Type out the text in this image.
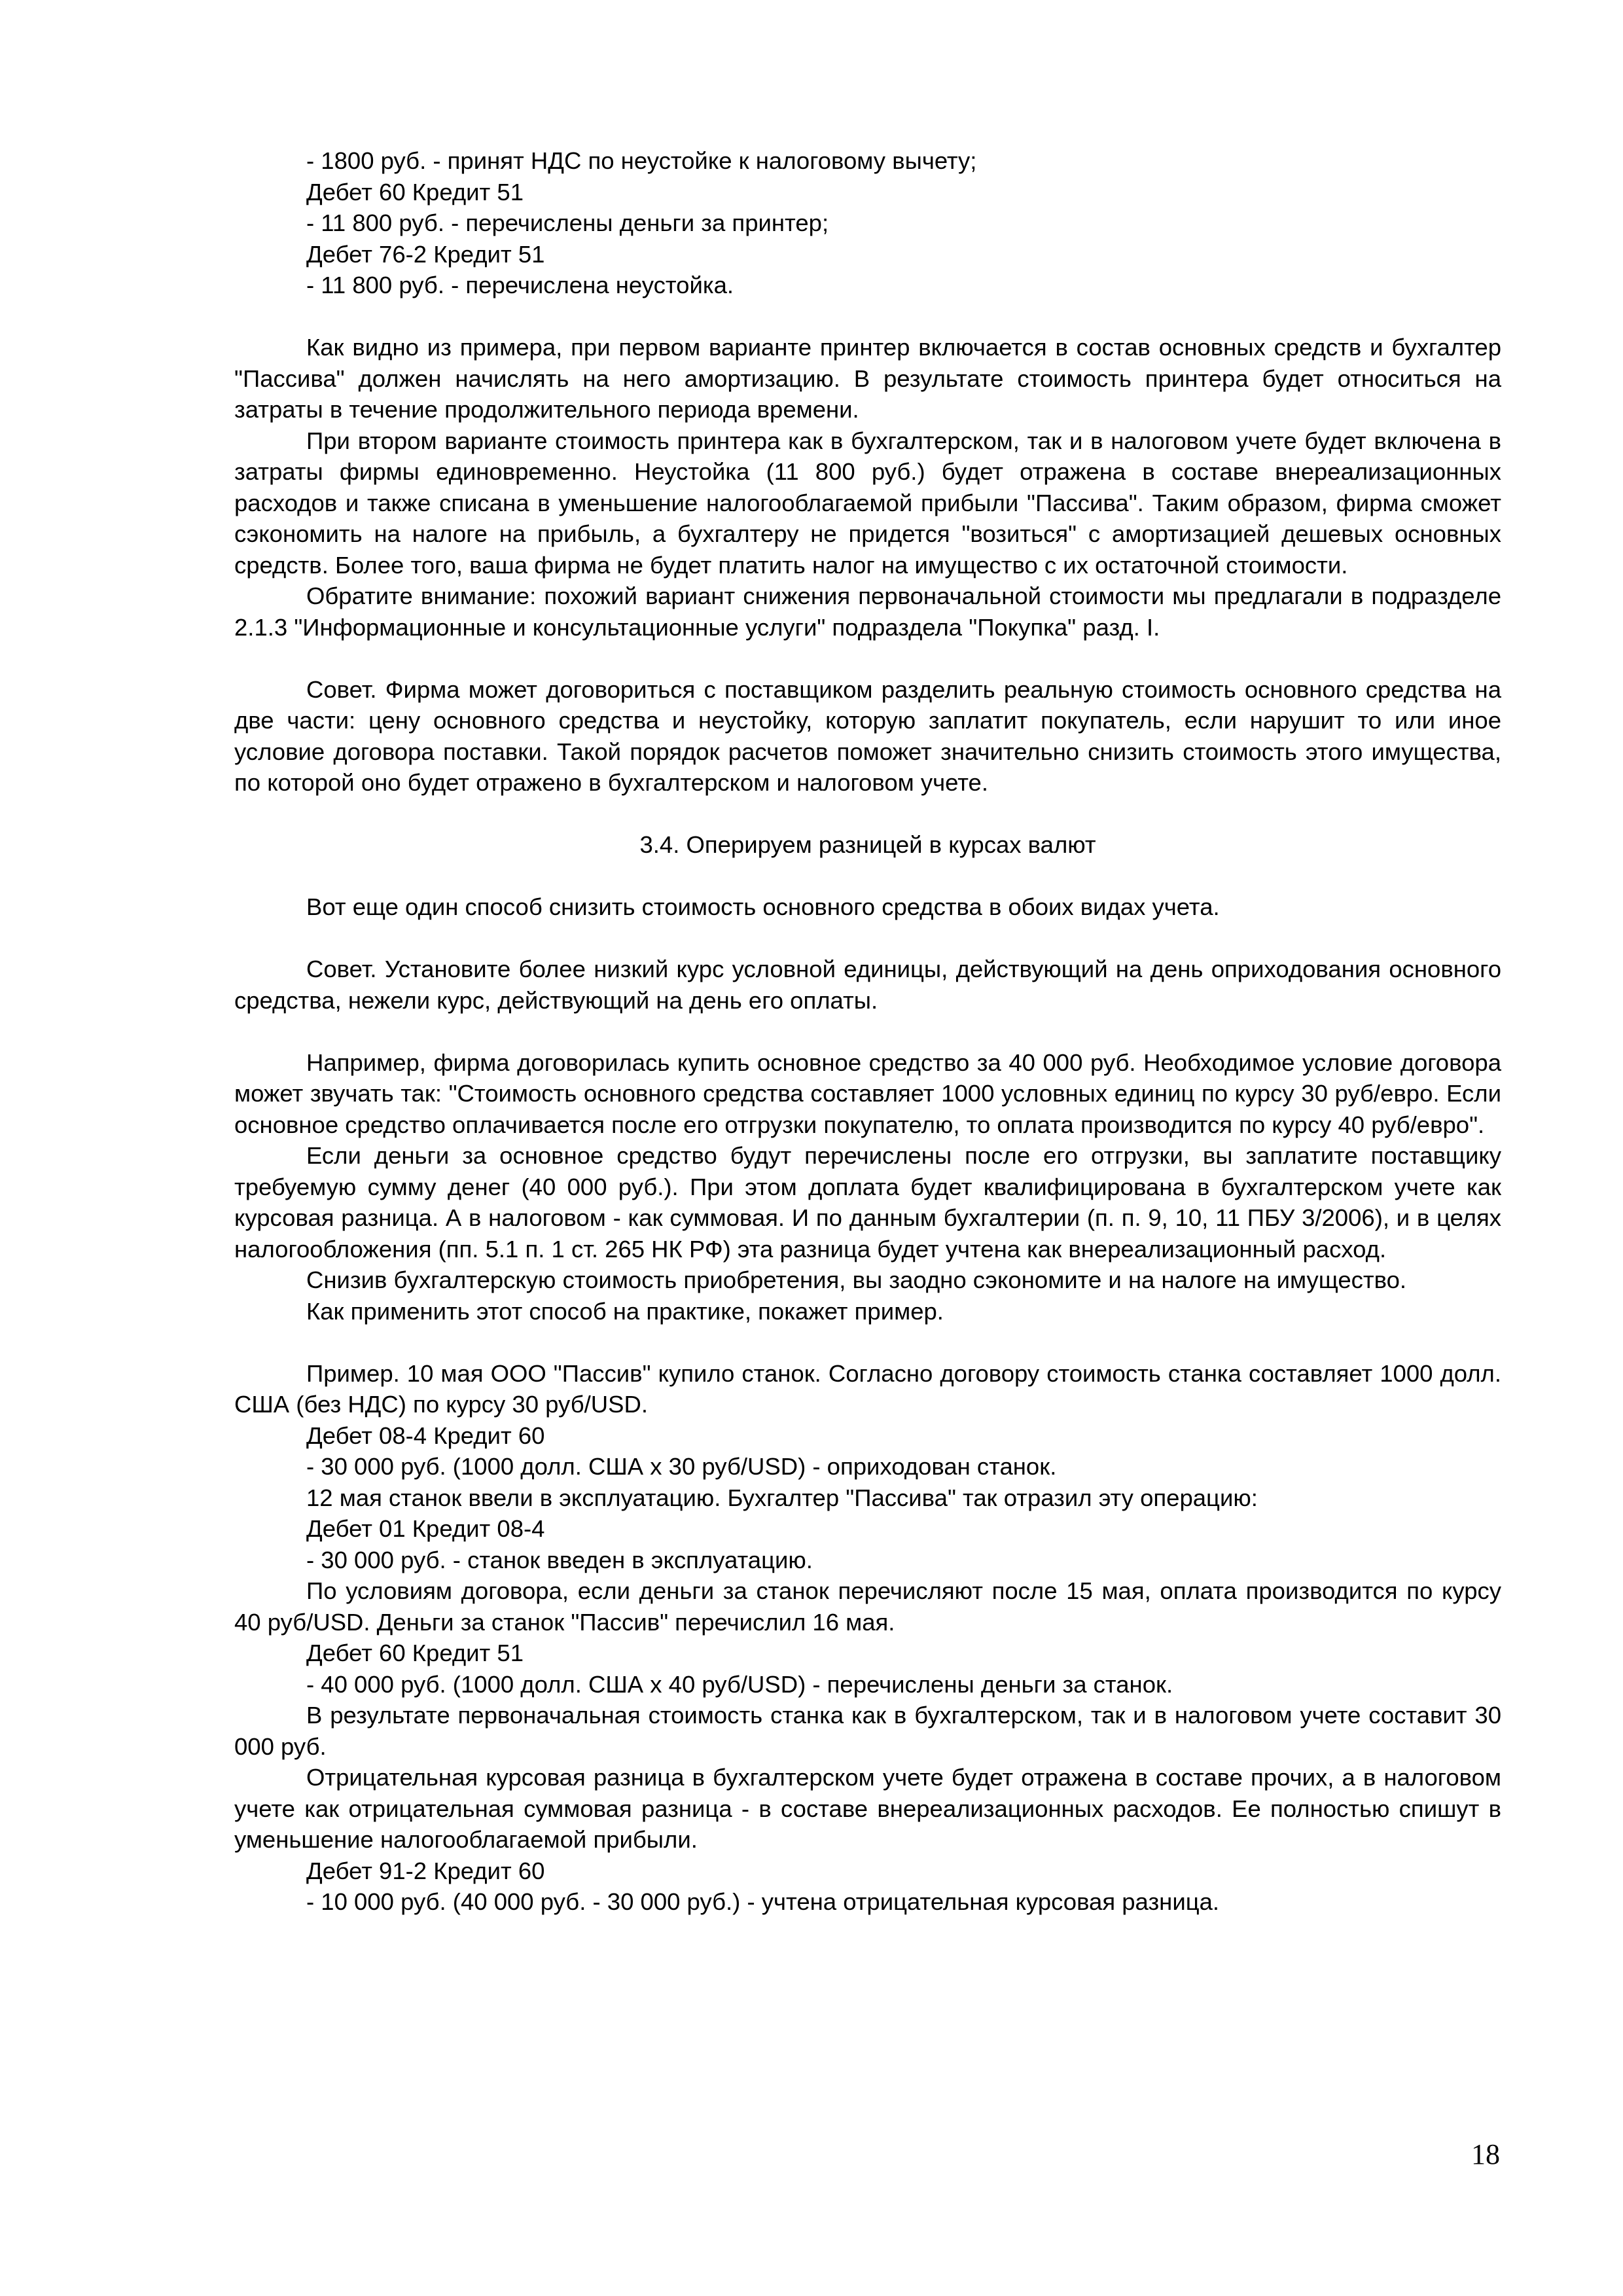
- 1800 руб. - принят НДС по неустойке к налоговому вычету;

Дебет 60 Кредит 51

- 11 800 руб. - перечислены деньги за принтер;

Дебет 76-2 Кредит 51

- 11 800 руб. - перечислена неустойка.

Как видно из примера, при первом варианте принтер включается в состав основных средств и бухгалтер "Пассива" должен начислять на него амортизацию. В результате стоимость принтера будет относиться на затраты в течение продолжительного периода времени.

При втором варианте стоимость принтера как в бухгалтерском, так и в налоговом учете будет включена в затраты фирмы единовременно. Неустойка (11 800 руб.) будет отражена в составе внереализационных расходов и также списана в уменьшение налогооблагаемой прибыли "Пассива". Таким образом, фирма сможет сэкономить на налоге на прибыль, а бухгалтеру не придется "возиться" с амортизацией дешевых основных средств. Более того, ваша фирма не будет платить налог на имущество с их остаточной стоимости.

Обратите внимание: похожий вариант снижения первоначальной стоимости мы предлагали в подразделе 2.1.3 "Информационные и консультационные услуги" подраздела "Покупка" разд. I.

Совет. Фирма может договориться с поставщиком разделить реальную стоимость основного средства на две части: цену основного средства и неустойку, которую заплатит покупатель, если нарушит то или иное условие договора поставки. Такой порядок расчетов поможет значительно снизить стоимость этого имущества, по которой оно будет отражено в бухгалтерском и налоговом учете.

3.4. Оперируем разницей в курсах валют

Вот еще один способ снизить стоимость основного средства в обоих видах учета.

Совет. Установите более низкий курс условной единицы, действующий на день оприходования основного средства, нежели курс, действующий на день его оплаты.

Например, фирма договорилась купить основное средство за 40 000 руб. Необходимое условие договора может звучать так: "Стоимость основного средства составляет 1000 условных единиц по курсу 30 руб/евро. Если основное средство оплачивается после его отгрузки покупателю, то оплата производится по курсу 40 руб/евро".

Если деньги за основное средство будут перечислены после его отгрузки, вы заплатите поставщику требуемую сумму денег (40 000 руб.). При этом доплата будет квалифицирована в бухгалтерском учете как курсовая разница. А в налоговом - как суммовая. И по данным бухгалтерии (п. п. 9, 10, 11 ПБУ 3/2006), и в целях налогообложения (пп. 5.1 п. 1 ст. 265 НК РФ) эта разница будет учтена как внереализационный расход.

Снизив бухгалтерскую стоимость приобретения, вы заодно сэкономите и на налоге на имущество.

Как применить этот способ на практике, покажет пример.

Пример. 10 мая ООО "Пассив" купило станок. Согласно договору стоимость станка составляет 1000 долл. США (без НДС) по курсу 30 руб/USD.

Дебет 08-4 Кредит 60

- 30 000 руб. (1000 долл. США x 30 руб/USD) - оприходован станок.

12 мая станок ввели в эксплуатацию. Бухгалтер "Пассива" так отразил эту операцию:

Дебет 01 Кредит 08-4

- 30 000 руб. - станок введен в эксплуатацию.

По условиям договора, если деньги за станок перечисляют после 15 мая, оплата производится по курсу 40 руб/USD. Деньги за станок "Пассив" перечислил 16 мая.

Дебет 60 Кредит 51

- 40 000 руб. (1000 долл. США x 40 руб/USD) - перечислены деньги за станок.

В результате первоначальная стоимость станка как в бухгалтерском, так и в налоговом учете составит 30 000 руб.

Отрицательная курсовая разница в бухгалтерском учете будет отражена в составе прочих, а в налоговом учете как отрицательная суммовая разница - в составе внереализационных расходов. Ее полностью спишут в уменьшение налогооблагаемой прибыли.

Дебет 91-2 Кредит 60

- 10 000 руб. (40 000 руб. - 30 000 руб.) - учтена отрицательная курсовая разница.

18
